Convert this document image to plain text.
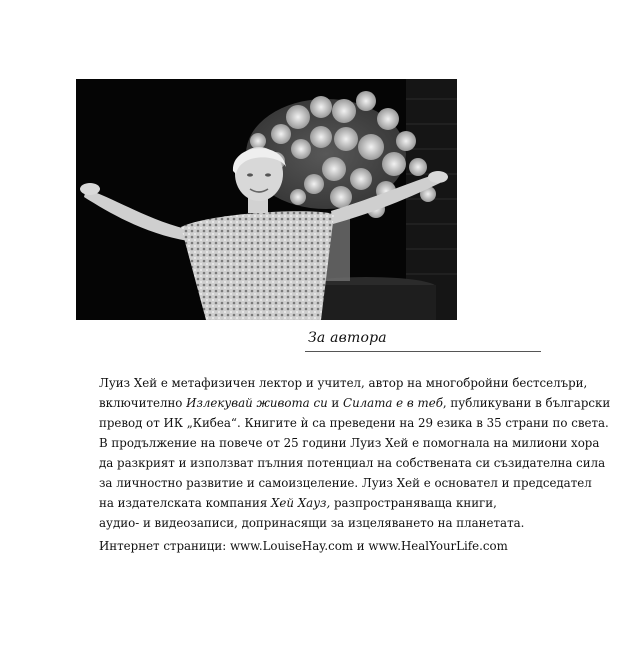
За автора
Луиз Хей е метафизичен лектор и учител, автор на многобройни бестселъри,
включително Излекувай живота си и Силата е в теб, публикувани в български
превод от ИК „Кибеа“. Книгите ѝ са преведени на 29 езика в 35 страни по света.
В продължение на повече от 25 години Луиз Хей е помогнала на милиони хора
да разкрият и използват пълния потенциал на собствената си съзидателна сила
за личностно развитие и самоизцеление. Луиз Хей е основател и председател
на издателската компания Хей Хауз, разпространяваща книги,
аудио- и видеозаписи, допринасящи за изцеляването на планетата.
Интернет страници: www.LouiseHay.com и www.HealYourLife.com
